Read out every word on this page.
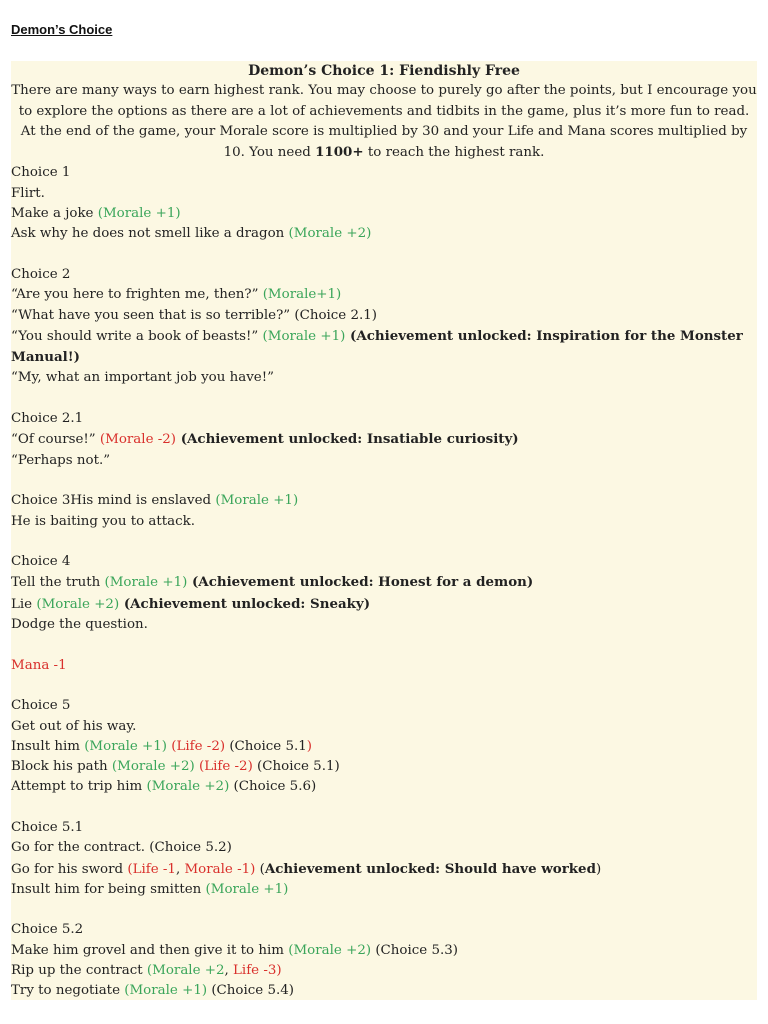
Demon’s Choice

Demon’s Choice 1: Fiendishly Free

There are many ways to earn highest rank. You may choose to purely go after the points, but I encourage you to explore the options as there are a lot of achievements and tidbits in the game, plus it’s more fun to read.

At the end of the game, your Morale score is multiplied by 30 and your Life and Mana scores multiplied by 10. You need 1100+ to reach the highest rank.

Choice 1

Flirt.

Make a joke (Morale +1)

Ask why he does not smell like a dragon (Morale +2)

Choice 2

“Are you here to frighten me, then?” (Morale+1)

“What have you seen that is so terrible?” (Choice 2.1)

“You should write a book of beasts!” (Morale +1) (Achievement unlocked: Inspiration for the Monster Manual!)

“My, what an important job you have!”

Choice 2.1

“Of course!” (Morale -2) (Achievement unlocked: Insatiable curiosity)

“Perhaps not.”

Choice 3His mind is enslaved (Morale +1)

He is baiting you to attack.

Choice 4

Tell the truth (Morale +1) (Achievement unlocked: Honest for a demon)

Lie (Morale +2) (Achievement unlocked: Sneaky)

Dodge the question.

Mana -1

Choice 5

Get out of his way.

Insult him (Morale +1) (Life -2) (Choice 5.1)

Block his path (Morale +2) (Life -2) (Choice 5.1)

Attempt to trip him (Morale +2) (Choice 5.6)

Choice 5.1

Go for the contract. (Choice 5.2)

Go for his sword (Life -1, Morale -1) (Achievement unlocked: Should have worked)

Insult him for being smitten (Morale +1)

Choice 5.2

Make him grovel and then give it to him (Morale +2) (Choice 5.3)

Rip up the contract (Morale +2, Life -3)

Try to negotiate (Morale +1) (Choice 5.4)
